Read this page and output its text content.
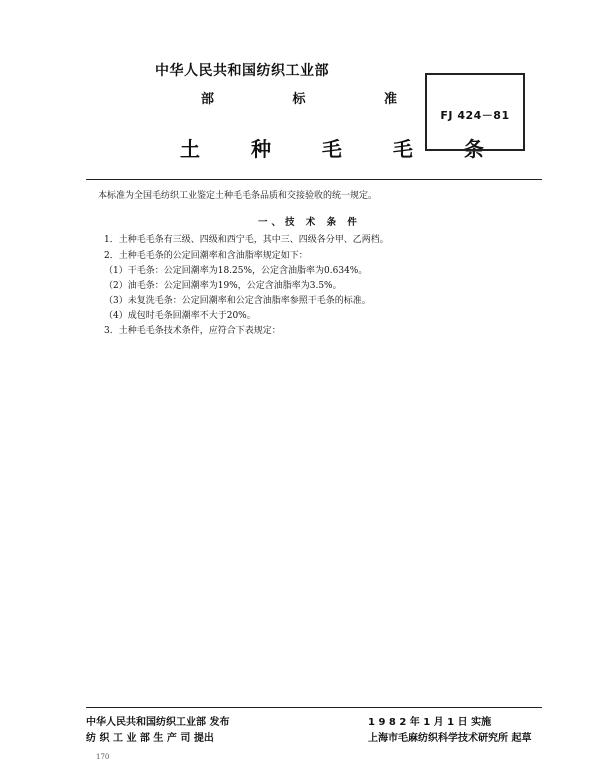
中华人民共和国纺织工业部
部 标 准
土 种 毛 毛 条
FJ 424－81
本标准为全国毛纺织工业鉴定土种毛毛条品质和交接验收的统一规定。
一、技 术 条 件
1．土种毛毛条有三级、四级和西宁毛，其中三、四级各分甲、乙两档。
2．土种毛毛条的公定回潮率和含油脂率规定如下：
（1）干毛条：公定回潮率为18.25%，公定含油脂率为0.634%。
（2）油毛条：公定回潮率为19%，公定含油脂率为3.5%。
（3）未复洗毛条：公定回潮率和公定含油脂率参照干毛条的标准。
（4）成包时毛条回潮率不大于20%。
3．土种毛毛条技术条件，应符合下表规定：
中华人民共和国纺织工业部 发布
纺 织 工 业 部 生 产 司 提出
1 9 8 2 年 1 月 1 日 实施
上海市毛麻纺织科学技术研究所 起草
170
